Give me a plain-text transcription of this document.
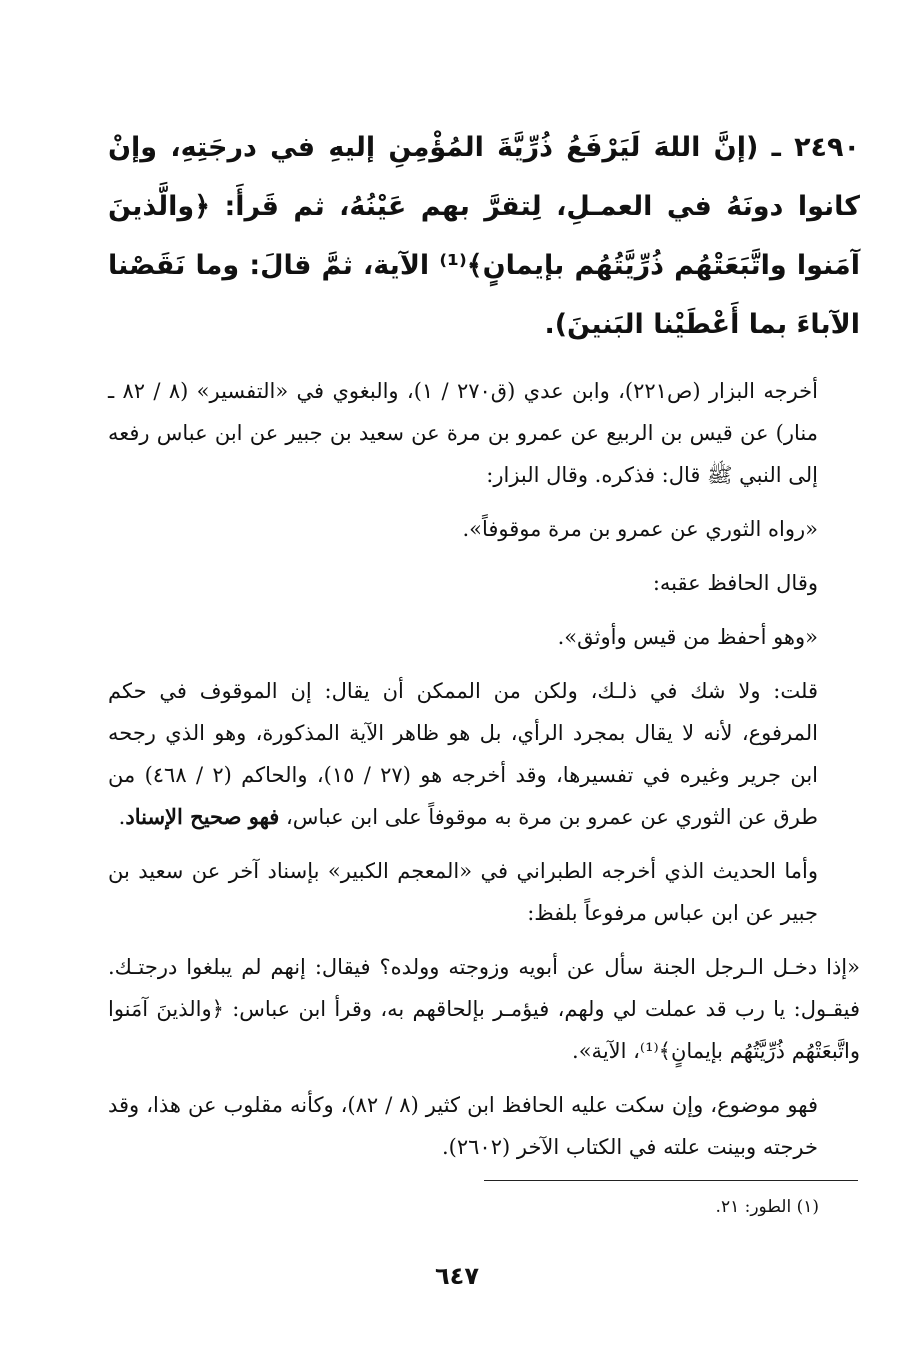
٢٤٩٠ ـ (إنَّ اللهَ لَيَرْفَعُ ذُرِّيَّةَ المُؤْمِنِ إليهِ في درجَتِهِ، وإنْ كانوا دونَهُ في العمـلِ، لِتقرَّ بهم عَيْنُهُ، ثم قَرأَ: ﴿والَّذينَ آمَنوا واتَّبَعَتْهُم ذُرِّيَّتُهُم بإيمانٍ﴾⁽¹⁾ الآية، ثمَّ قالَ: وما نَقَصْنا الآباءَ بما أَعْطَيْنا البَنينَ).

أخرجه البزار (ص٢٢١)، وابن عدي (ق٢٧٠ / ١)، والبغوي في «التفسير» (٨ / ٨٢ ـ منار) عن قيس بن الربيع عن عمرو بن مرة عن سعيد بن جبير عن ابن عباس رفعه إلى النبي ﷺ قال: فذكره. وقال البزار:

«رواه الثوري عن عمرو بن مرة موقوفاً».

وقال الحافظ عقبه:

«وهو أحفظ من قيس وأوثق».

قلت: ولا شك في ذلـك، ولكن من الممكن أن يقال: إن الموقوف في حكم المرفوع، لأنه لا يقال بمجرد الرأي، بل هو ظاهر الآية المذكورة، وهو الذي رجحه ابن جرير وغيره في تفسيرها، وقد أخرجه هو (٢٧ / ١٥)، والحاكم (٢ / ٤٦٨) من طرق عن الثوري عن عمرو بن مرة به موقوفاً على ابن عباس، فهو صحيح الإسناد.

وأما الحديث الذي أخرجه الطبراني في «المعجم الكبير» بإسناد آخر عن سعيد بن جبير عن ابن عباس مرفوعاً بلفظ:

«إذا دخـل الـرجل الجنة سأل عن أبويه وزوجته وولده؟ فيقال: إنهم لم يبلغوا درجتـك. فيقـول: يا رب قد عملت لي ولهم، فيؤمـر بإلحاقهم به، وقرأ ابن عباس: ﴿والذينَ آمَنوا واتَّبعَتْهُم ذُرِّيَّتُهُم بإيمانٍ﴾⁽¹⁾، الآية».

فهو موضوع، وإن سكت عليه الحافظ ابن كثير (٨ / ٨٢)، وكأنه مقلوب عن هذا، وقد خرجته وبينت علته في الكتاب الآخر (٢٦٠٢).

(١) الطور: ٢١.
٦٤٧
